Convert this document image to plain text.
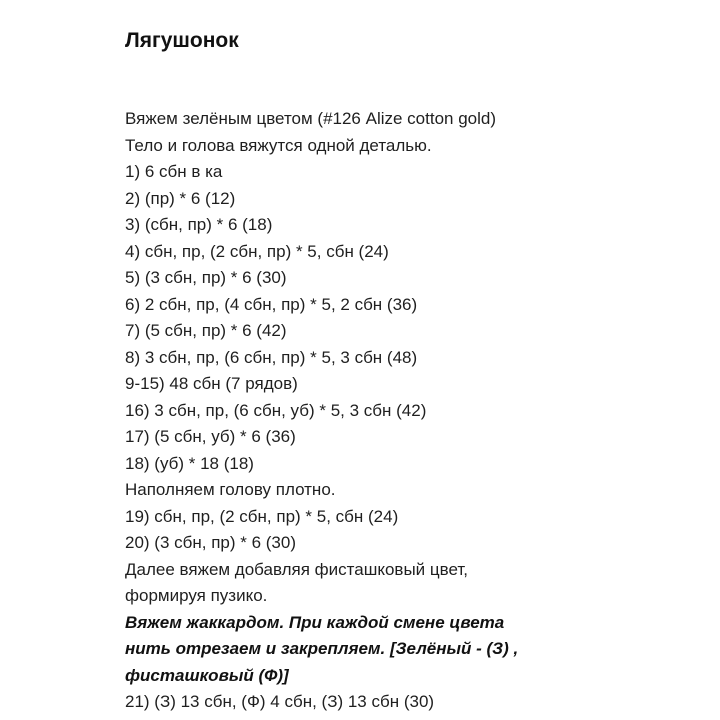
Лягушонок
Вяжем зелёным цветом (#126 Alize cotton gold)
Тело и голова вяжутся одной деталью.
1) 6 сбн в ка
2) (пр) * 6 (12)
3) (сбн, пр) * 6 (18)
4) сбн, пр, (2 сбн, пр) * 5, сбн (24)
5) (3 сбн, пр) * 6 (30)
6) 2 сбн, пр, (4 сбн, пр) * 5, 2 сбн (36)
7) (5 сбн, пр) * 6 (42)
8) 3 сбн, пр, (6 сбн, пр) * 5, 3 сбн (48)
9-15) 48 сбн (7 рядов)
16) 3 сбн, пр, (6 сбн, уб) * 5, 3 сбн (42)
17) (5 сбн, уб) * 6 (36)
18) (уб) * 18 (18)
Наполняем голову плотно.
19) сбн, пр, (2 сбн, пр) * 5, сбн (24)
20) (3 сбн, пр) * 6 (30)
Далее вяжем добавляя фисташковый цвет,
формируя пузико.
Вяжем жаккардом. При каждой смене цвета
нить отрезаем и закрепляем. [Зелёный - (З) ,
фисташковый (Ф)]
21) (З) 13 сбн, (Ф) 4 сбн, (З) 13 сбн (30)
